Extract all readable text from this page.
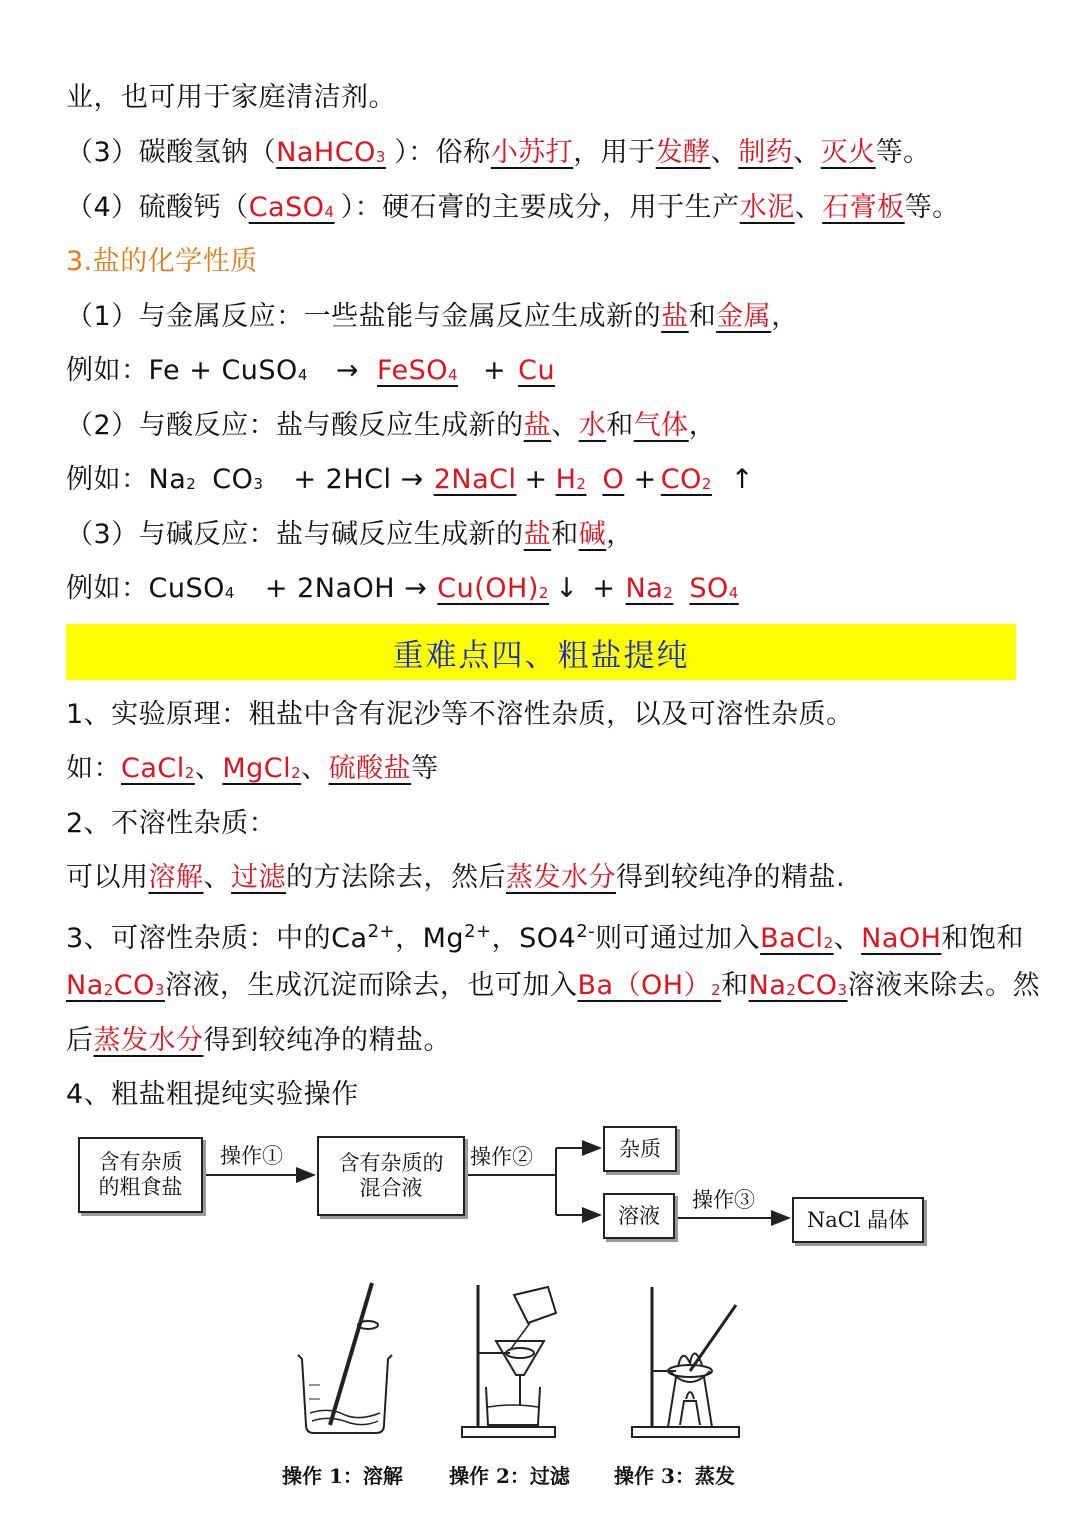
业，也可用于家庭清洁剂。
（3）碳酸氢钠（NaHCO3 ）：俗称小苏打，用于发酵、制药、灭火等。
（4）硫酸钙（CaSO4 ）：硬石膏的主要成分，用于生产水泥、石膏板等。
3.盐的化学性质
（1）与金属反应：一些盐能与金属反应生成新的盐和金属，
例如：Fe + CuSO4 → FeSO4 + Cu
（2）与酸反应：盐与酸反应生成新的盐、水和气体，
例如：Na2 CO3 + 2HCl → 2NaCl + H2 O + CO2 ↑
（3）与碱反应：盐与碱反应生成新的盐和碱，
例如：CuSO4 + 2NaOH → Cu(OH)2 ↓ + Na2 SO4
重难点四、粗盐提纯
1、实验原理：粗盐中含有泥沙等不溶性杂质，以及可溶性杂质。
如：CaCl2、MgCl2、硫酸盐等
2、不溶性杂质：
可以用溶解、过滤的方法除去，然后蒸发水分得到较纯净的精盐.
3、可溶性杂质：中的$Ca^{2+}$，$Mg^{2+}$，$SO4^{2-}$则可通过加入BaCl2、NaOH和饱和
Na2CO3溶液，生成沉淀而除去，也可加入Ba（OH）2和Na2CO3溶液来除去。然
后蒸发水分得到较纯净的精盐。
4、粗盐粗提纯实验操作
含有杂质
的粗食盐
操作①	含有杂质的
混合液
操作②	杂质
溶液
操作③
NaCl 晶体
操作 1：溶解 操作 2：过滤 操作 3：蒸发
